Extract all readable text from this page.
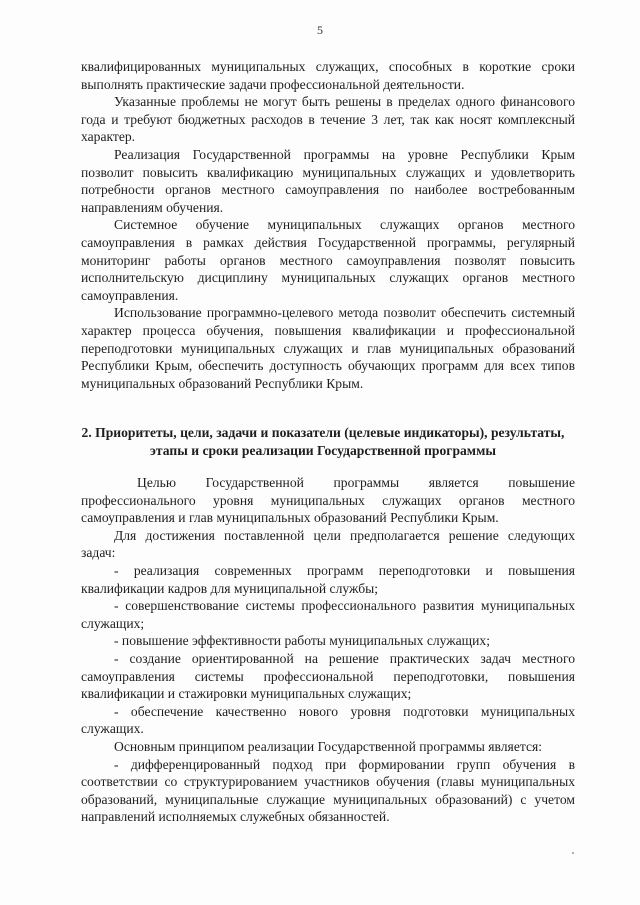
5

квалифицированных муниципальных служащих, способных в короткие сроки выполнять практические задачи профессиональной деятельности.

Указанные проблемы не могут быть решены в пределах одного финансового года и требуют бюджетных расходов в течение 3 лет, так как носят комплексный характер.

Реализация Государственной программы на уровне Республики Крым позволит повысить квалификацию муниципальных служащих и удовлетворить потребности органов местного самоуправления по наиболее востребованным направлениям обучения.

Системное обучение муниципальных служащих органов местного самоуправления в рамках действия Государственной программы, регулярный мониторинг работы органов местного самоуправления позволят повысить исполнительскую дисциплину муниципальных служащих органов местного самоуправления.

Использование программно-целевого метода позволит обеспечить системный характер процесса обучения, повышения квалификации и профессиональной переподготовки муниципальных служащих и глав муниципальных образований Республики Крым, обеспечить доступность обучающих программ для всех типов муниципальных образований Республики Крым.

2. Приоритеты, цели, задачи и показатели (целевые индикаторы), результаты, этапы и сроки реализации Государственной программы

Целью Государственной программы является повышение профессионального уровня муниципальных служащих органов местного самоуправления и глав муниципальных образований Республики Крым.

Для достижения поставленной цели предполагается решение следующих задач:

- реализация современных программ переподготовки и повышения квалификации кадров для муниципальной службы;

- совершенствование системы профессионального развития муниципальных служащих;

- повышение эффективности работы муниципальных служащих;

- создание ориентированной на решение практических задач местного самоуправления системы профессиональной переподготовки, повышения квалификации и стажировки муниципальных служащих;

- обеспечение качественно нового уровня подготовки муниципальных служащих.

Основным принципом реализации Государственной программы является:

- дифференцированный подход при формировании групп обучения в соответствии со структурированием участников обучения (главы муниципальных образований, муниципальные служащие муниципальных образований) с учетом направлений исполняемых служебных обязанностей.
